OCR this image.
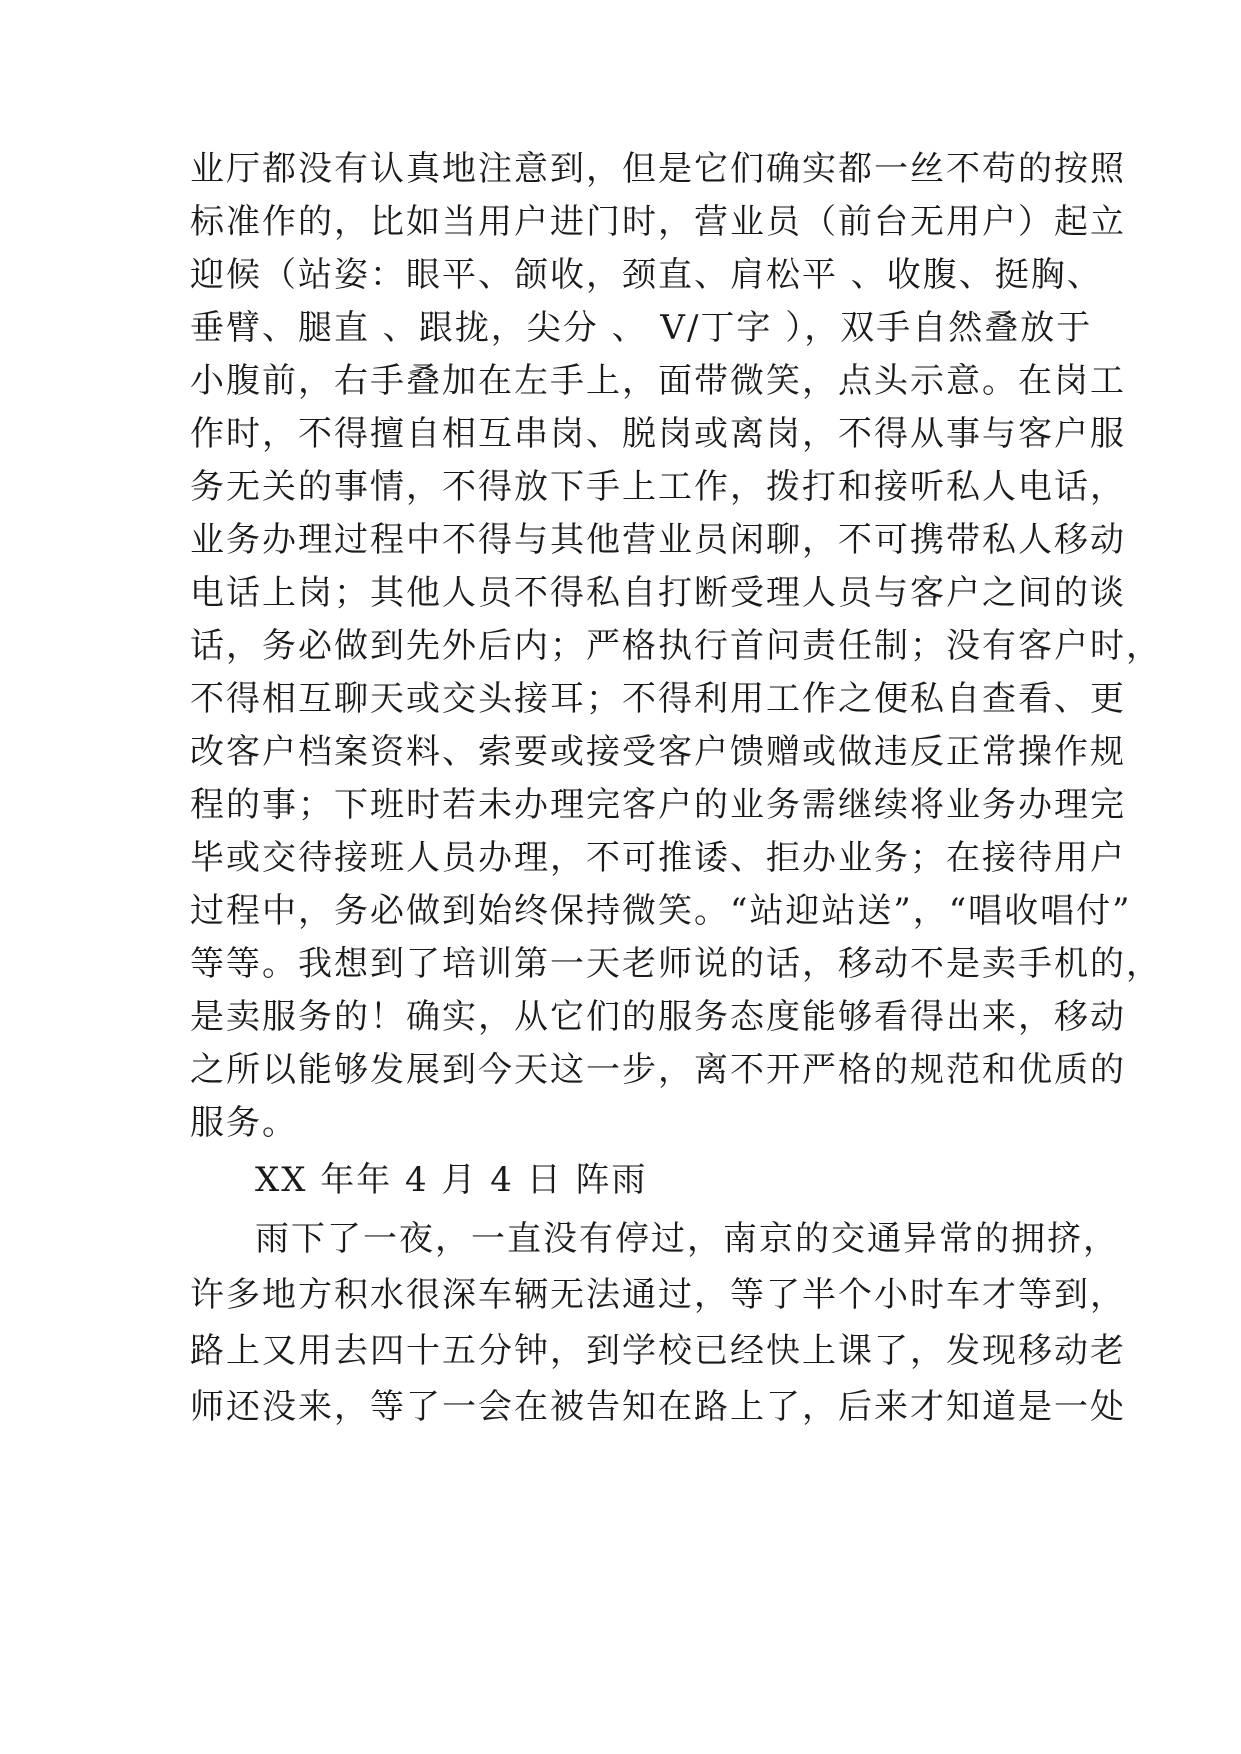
业厅都没有认真地注意到，但是它们确实都一丝不苟的按照

标准作的，比如当用户进门时，营业员（前台无用户）起立

迎候（站姿：眼平、颌收，颈直、肩松平 、收腹、挺胸、

垂臂、腿直 、跟拢，尖分 、 V/丁字 ），双手自然叠放于

小腹前，右手叠加在左手上，面带微笑，点头示意。在岗工

作时，不得擅自相互串岗、脱岗或离岗，不得从事与客户服

务无关的事情，不得放下手上工作，拨打和接听私人电话，

业务办理过程中不得与其他营业员闲聊，不可携带私人移动

电话上岗；其他人员不得私自打断受理人员与客户之间的谈

话，务必做到先外后内；严格执行首问责任制；没有客户时，

不得相互聊天或交头接耳；不得利用工作之便私自查看、更

改客户档案资料、索要或接受客户馈赠或做违反正常操作规

程的事；下班时若未办理完客户的业务需继续将业务办理完

毕或交待接班人员办理，不可推诿、拒办业务；在接待用户

过程中，务必做到始终保持微笑。“站迎站送”，“唱收唱付”

等等。我想到了培训第一天老师说的话，移动不是卖手机的，

是卖服务的！确实，从它们的服务态度能够看得出来，移动

之所以能够发展到今天这一步，离不开严格的规范和优质的

服务。

XX 年年 4 月 4 日 阵雨

雨下了一夜，一直没有停过，南京的交通异常的拥挤，

许多地方积水很深车辆无法通过，等了半个小时车才等到，

路上又用去四十五分钟，到学校已经快上课了，发现移动老

师还没来，等了一会在被告知在路上了，后来才知道是一处
